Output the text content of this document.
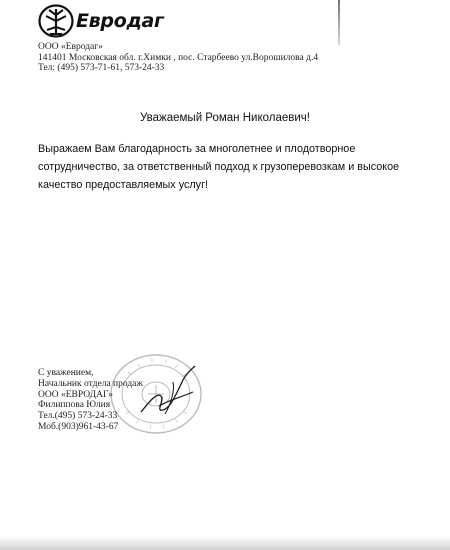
Евродаг
ООО «Евродаг»
141401 Московская обл. г.Химки , пос. Старбеево ул.Ворошилова д.4
Тел: (495) 573-71-61, 573-24-33
Уважаемый Роман Николаевич!
Выражаем Вам благодарность за многолетнее и плодотворное сотрудничество, за ответственный подход к грузоперевозкам и высокое качество предоставляемых услуг!
С уважением,
Начальник отдела продаж
ООО «ЕВРОДАГ»
Филиппова Юлия
Тел.(495) 573-24-33
Моб.(903)961-43-67
